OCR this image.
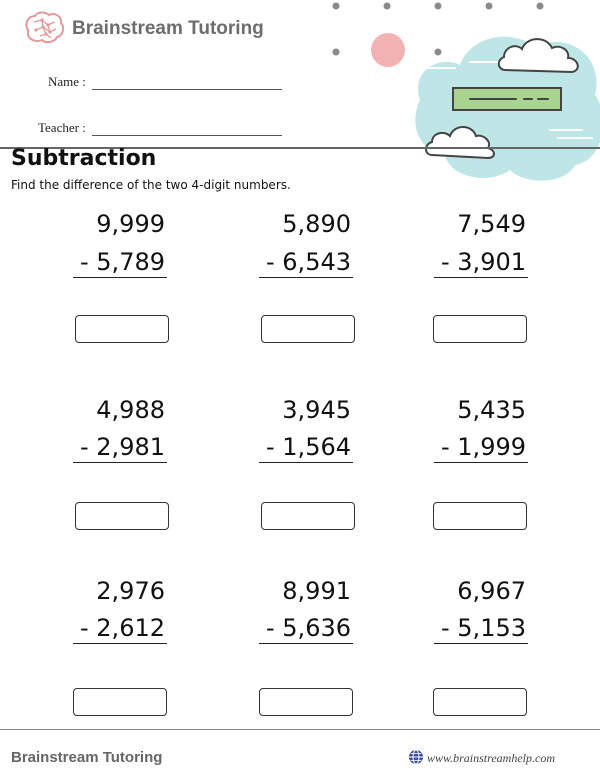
Brainstream Tutoring
Name :
Teacher :
Subtraction
Find the difference of the two 4-digit numbers.
9,999
- 5,789
5,890
- 6,543
7,549
- 3,901
4,988
- 2,981
3,945
- 1,564
5,435
- 1,999
2,976
- 2,612
8,991
- 5,636
6,967
- 5,153
Brainstream Tutoring	www.brainstreamhelp.com
